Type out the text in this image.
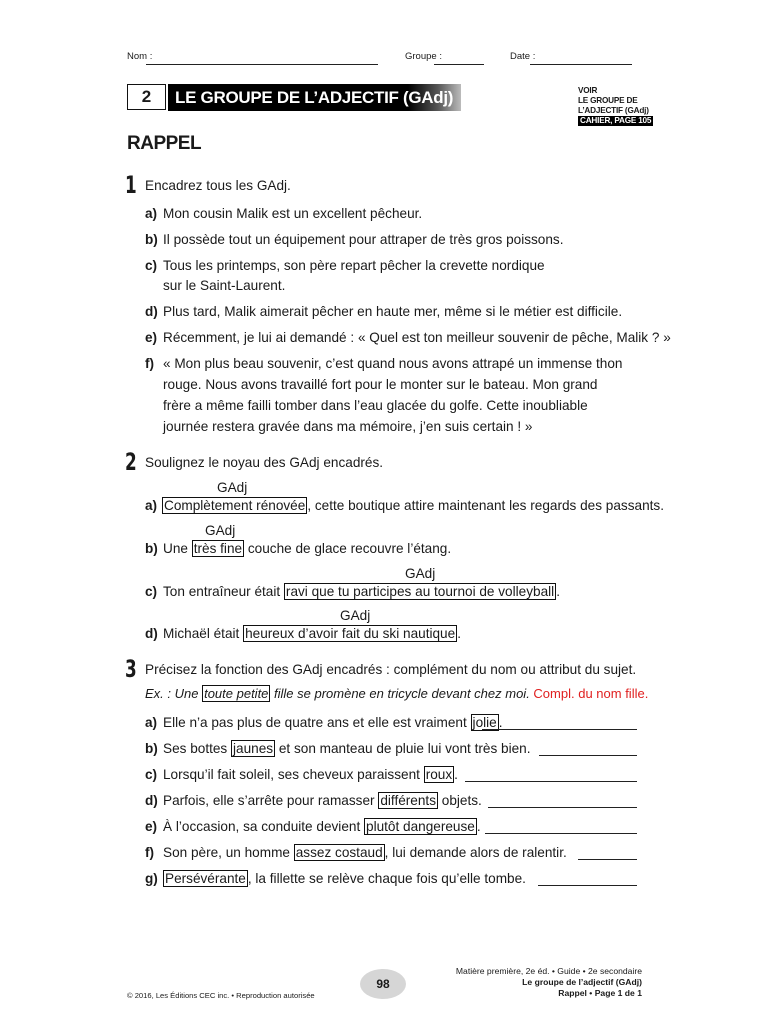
Nom :	Groupe :	Date :
2	LE GROUPE DE L’ADJECTIF (GAdj)	VOIR
LE GROUPE DE
L’ADJECTIF (GAdj)
CAHIER, PAGE 105
RAPPEL
1 Encadrez tous les GAdj.
a) Mon cousin Malik est un excellent pêcheur.
b) Il possède tout un équipement pour attraper de très gros poissons.
c) Tous les printemps, son père repart pêcher la crevette nordique
sur le Saint-Laurent.
d) Plus tard, Malik aimerait pêcher en haute mer, même si le métier est difficile.
e) Récemment, je lui ai demandé : « Quel est ton meilleur souvenir de pêche, Malik ? »
f) « Mon plus beau souvenir, c’est quand nous avons attrapé un immense thon
rouge. Nous avons travaillé fort pour le monter sur le bateau. Mon grand
frère a même failli tomber dans l’eau glacée du golfe. Cette inoubliable
journée restera gravée dans ma mémoire, j’en suis certain ! »
2 Soulignez le noyau des GAdj encadrés.
GAdj
a) Complètement rénovée , cette boutique attire maintenant les regards des passants.
GAdj
b) Une très fine couche de glace recouvre l’étang.
GAdj
c) Ton entraîneur était ravi que tu participes au tournoi de volleyball .
GAdj
d) Michaël était heureux d’avoir fait du ski nautique .
3 Précisez la fonction des GAdj encadrés : complément du nom ou attribut du sujet.
Ex. : Une toute petite fille se promène en tricycle devant chez moi. Compl. du nom fille.
a) Elle n’a pas plus de quatre ans et elle est vraiment jolie .
b) Ses bottes jaunes et son manteau de pluie lui vont très bien.
c) Lorsqu’il fait soleil, ses cheveux paraissent roux .
d) Parfois, elle s’arrête pour ramasser différents objets.
e) À l’occasion, sa conduite devient plutôt dangereuse .
f) Son père, un homme assez costaud , lui demande alors de ralentir.
g) Persévérante , la fillette se relève chaque fois qu’elle tombe.
98
Matière première, 2e éd. • Guide • 2e secondaire
Le groupe de l’adjectif (GAdj)
Rappel • Page 1 de 1
© 2016, Les Éditions CEC inc. • Reproduction autorisée
